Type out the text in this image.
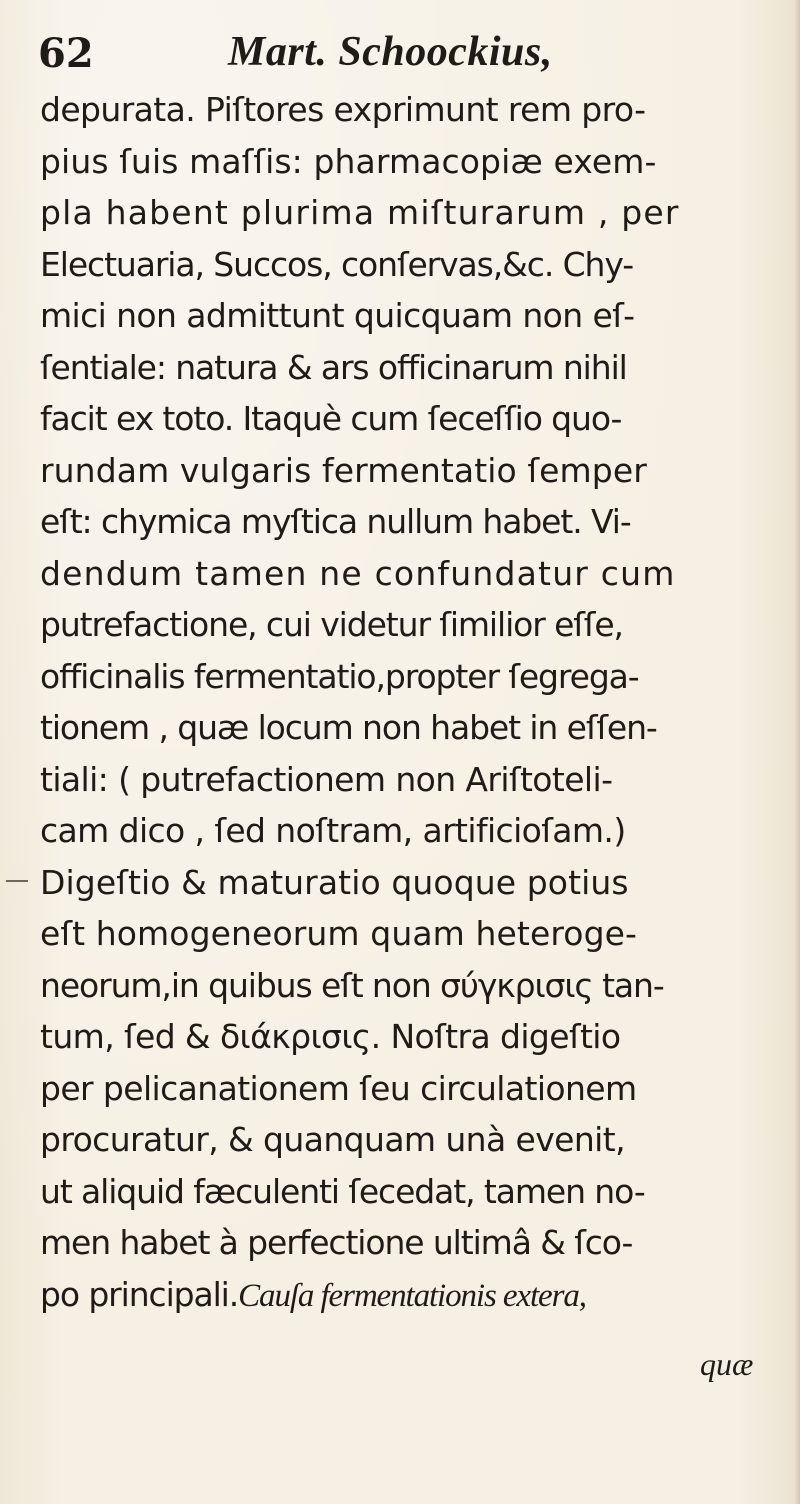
62	Mart. Schoockius,
depurata. Piſtores exprimunt rem pro-
pius ſuis maſſis: pharmacopiæ exem-
pla habent plurima miſturarum , per
Electuaria, Succos, conſervas,&c. Chy-
mici non admittunt quicquam non eſ-
ſentiale: natura & ars officinarum nihil
facit ex toto. Itaquè cum ſeceſſio quo-
rundam vulgaris fermentatio ſemper
eſt: chymica myſtica nullum habet. Vi-
dendum tamen ne confundatur cum
putrefactione, cui videtur ſimilior eſſe,
officinalis fermentatio,propter ſegrega-
tionem , quæ locum non habet in eſſen-
tiali: ( putrefactionem non Ariſtoteli-
cam dico , ſed noſtram, artificioſam.)
Digeſtio & maturatio quoque potius
eſt homogeneorum quam heteroge-
neorum,in quibus eſt non σύγκρισις tan-
tum, ſed & διάκρισις. Noſtra digeſtio
per pelicanationem ſeu circulationem
procuratur, & quanquam unà evenit,
ut aliquid fæculenti ſecedat, tamen no-
men habet à perfectione ultimâ & ſco-
po principali.Cauſa fermentationis extera,
quæ
